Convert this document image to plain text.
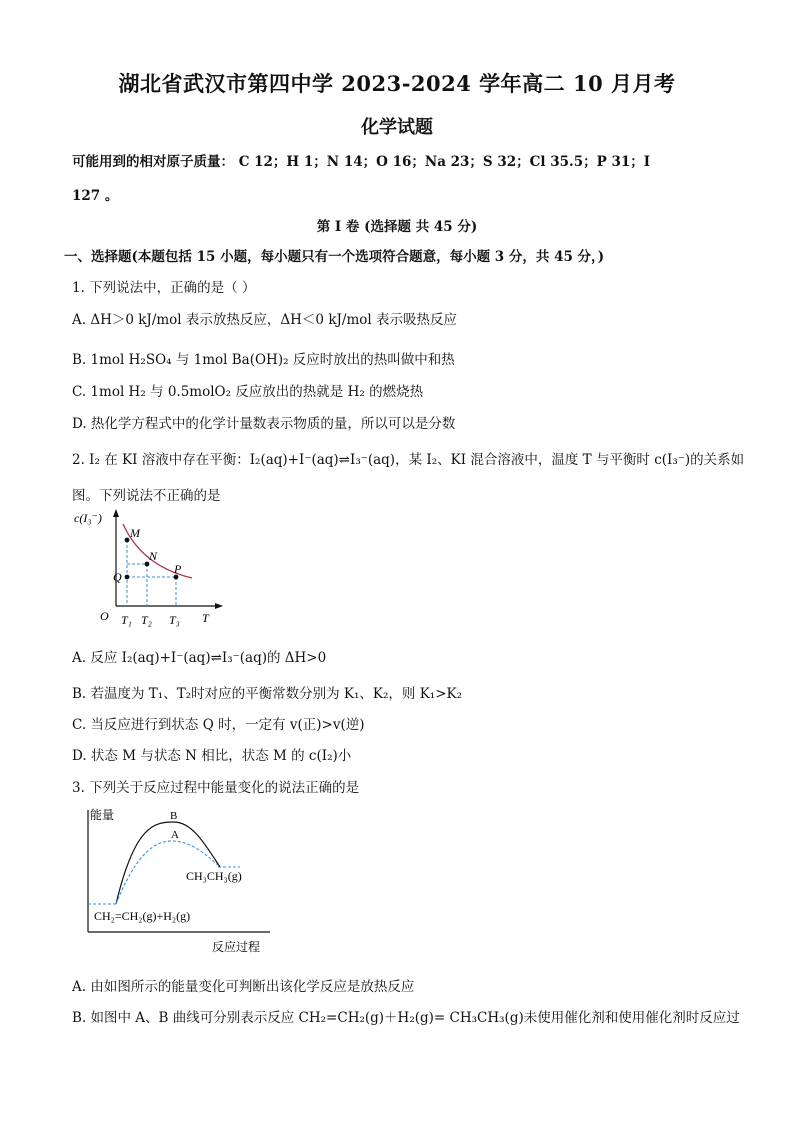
湖北省武汉市第四中学 2023-2024 学年高二 10 月月考
化学试题
可能用到的相对原子质量： C 12；H 1；N 14；O 16；Na 23；S 32；Cl 35.5；P 31；I
127 。
第 I 卷 (选择题 共 45 分)
一、选择题(本题包括 15 小题，每小题只有一个选项符合题意，每小题 3 分，共 45 分，)
1. 下列说法中，正确的是（ ）
A. ΔH＞0 kJ/mol 表示放热反应，ΔH＜0 kJ/mol 表示吸热反应
B. 1mol H₂SO₄ 与 1mol Ba(OH)₂ 反应时放出的热叫做中和热
C. 1mol H₂ 与 0.5molO₂ 反应放出的热就是 H₂ 的燃烧热
D. 热化学方程式中的化学计量数表示物质的量，所以可以是分数
2. I₂ 在 KI 溶液中存在平衡：I₂(aq)+I⁻(aq)⇌I₃⁻(aq)，某 I₂、KI 混合溶液中，温度 T 与平衡时 c(I₃⁻)的关系如
图。下列说法不正确的是
c(I₃⁻)
M
N
P
Q
O T₁ T₂ T₃ T
A. 反应 I₂(aq)+I⁻(aq)⇌I₃⁻(aq)的 ΔH>0
B. 若温度为 T₁、T₂时对应的平衡常数分别为 K₁、K₂，则 K₁>K₂
C. 当反应进行到状态 Q 时，一定有 v(正)>v(逆)
D. 状态 M 与状态 N 相比，状态 M 的 c(I₂)小
3. 下列关于反应过程中能量变化的说法正确的是
能量	B
A
CH₃CH₃(g)
CH₂=CH₂(g)+H₂(g)
反应过程
A. 由如图所示的能量变化可判断出该化学反应是放热反应
B. 如图中 A、B 曲线可分别表示反应 CH₂=CH₂(g)＋H₂(g)= CH₃CH₃(g)未使用催化剂和使用催化剂时反应过
